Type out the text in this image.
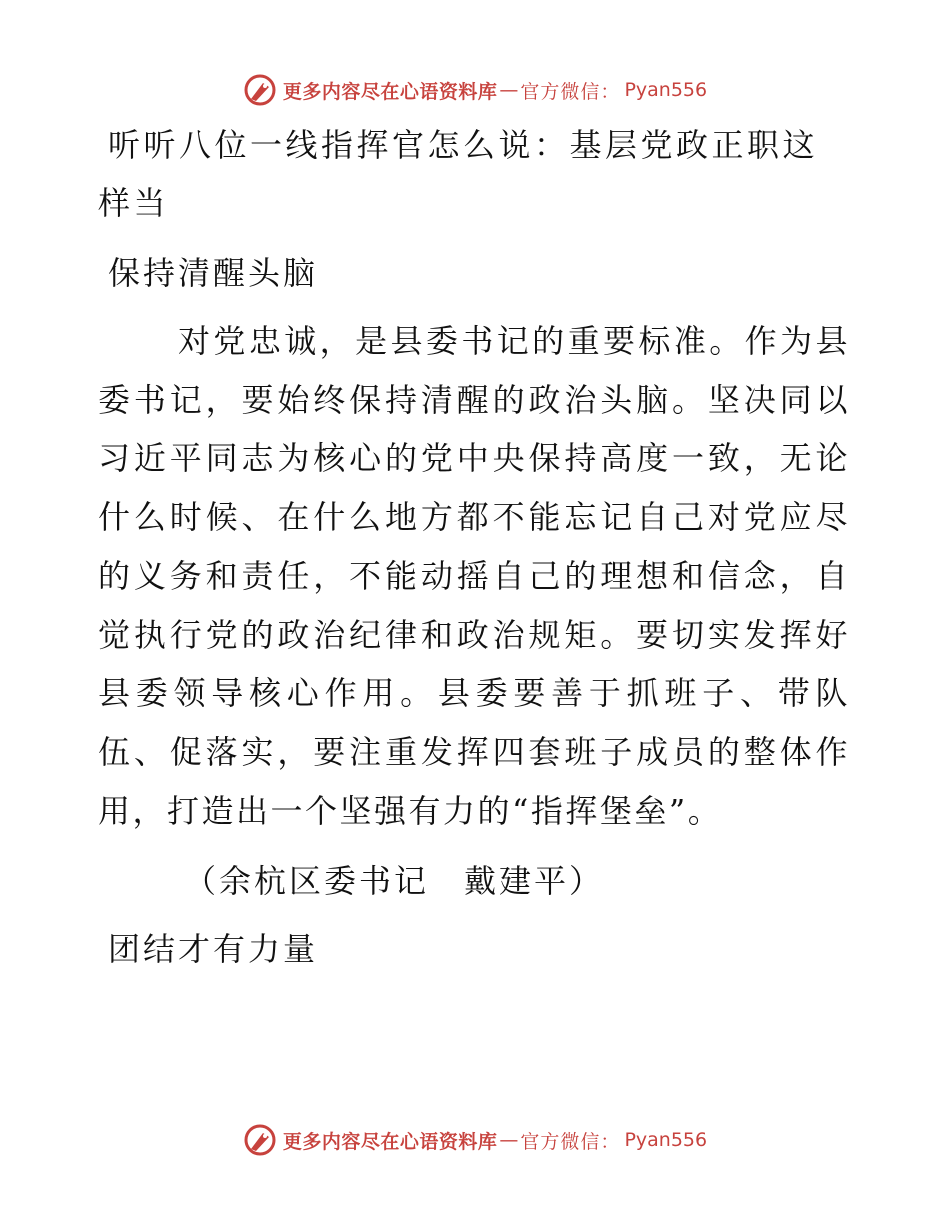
更多内容尽在心语资料库 — 官方微信： Pyan556
听听八位一线指挥官怎么说：基层党政正职这样当
保持清醒头脑

对党忠诚，是县委书记的重要标准。作为县委书记，要始终保持清醒的政治头脑。坚决同以习近平同志为核心的党中央保持高度一致，无论什么时候、在什么地方都不能忘记自己对党应尽的义务和责任，不能动摇自己的理想和信念，自觉执行党的政治纪律和政治规矩。要切实发挥好县委领导核心作用。县委要善于抓班子、带队伍、促落实，要注重发挥四套班子成员的整体作用，打造出一个坚强有力的“指挥堡垒”。

（余杭区委书记　戴建平）

团结才有力量
更多内容尽在心语资料库 — 官方微信： Pyan556
